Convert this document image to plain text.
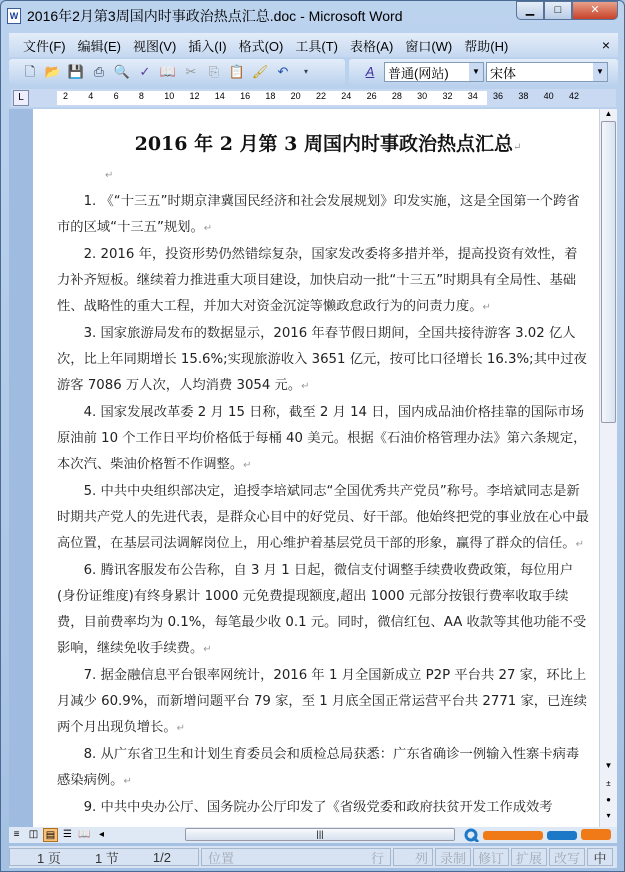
W 2016年2月第3周国内时事政治热点汇总.doc - Microsoft Word	▁	□	✕
文件(F) 编辑(E) 视图(V) 插入(I) 格式(O) 工具(T) 表格(A) 窗口(W) 帮助(H)	×
🗋 📂 💾 ⎙ 🔍 ✓ 📖 ✂ ⎘ 📋 🖌 ↶	▾	A	普通(网站)	▼ 宋体	▼
L	2	4	6	8	10	12	14	16	18	20	22	24	26	28	30	32	34	36	38	40	42
2016 年 2 月第 3 周国内时事政治热点汇总↵
↵
1. 《“十三五”时期京津冀国民经济和社会发展规划》印发实施，这是全国第一个跨省市的区域“十三五”规划。↵
2. 2016 年，投资形势仍然错综复杂，国家发改委将多措并举，提高投资有效性，着力补齐短板。继续着力推进重大项目建设，加快启动一批“十三五”时期具有全局性、基础性、战略性的重大工程，并加大对资金沉淀等懒政怠政行为的问责力度。↵
3. 国家旅游局发布的数据显示，2016 年春节假日期间，全国共接待游客 3.02 亿人次，比上年同期增长 15.6%;实现旅游收入 3651 亿元，按可比口径增长 16.3%;其中过夜游客 7086 万人次，人均消费 3054 元。↵
4. 国家发展改革委 2 月 15 日称，截至 2 月 14 日，国内成品油价格挂靠的国际市场原油前 10 个工作日平均价格低于每桶 40 美元。根据《石油价格管理办法》第六条规定，本次汽、柴油价格暂不作调整。↵
5. 中共中央组织部决定，追授李培斌同志“全国优秀共产党员”称号。李培斌同志是新时期共产党人的先进代表，是群众心目中的好党员、好干部。他始终把党的事业放在心中最高位置，在基层司法调解岗位上，用心维护着基层党员干部的形象，赢得了群众的信任。↵
6. 腾讯客服发布公告称，自 3 月 1 日起，微信支付调整手续费收费政策，每位用户(身份证维度)有终身累计 1000 元免费提现额度,超出 1000 元部分按银行费率收取手续费，目前费率均为 0.1%，每笔最少收 0.1 元。同时，微信红包、AA 收款等其他功能不受影响，继续免收手续费。↵
7. 据金融信息平台银率网统计，2016 年 1 月全国新成立 P2P 平台共 27 家，环比上月减少 60.9%，而新增问题平台 79 家，至 1 月底全国正常运营平台共 2771 家，已连续两个月出现负增长。↵
8. 从广东省卫生和计划生育委员会和质检总局获悉：广东省确诊一例输入性寨卡病毒感染病例。↵
9. 中共中央办公厅、国务院办公厅印发了《省级党委和政府扶贫开发工作成效考
▲
▼
±
●
▾
≡ ◫ ▤ ☰ 📖 ◂	|||
1 页	1 节	1/2	位置	行	列 录制 修订 扩展 改写	中
